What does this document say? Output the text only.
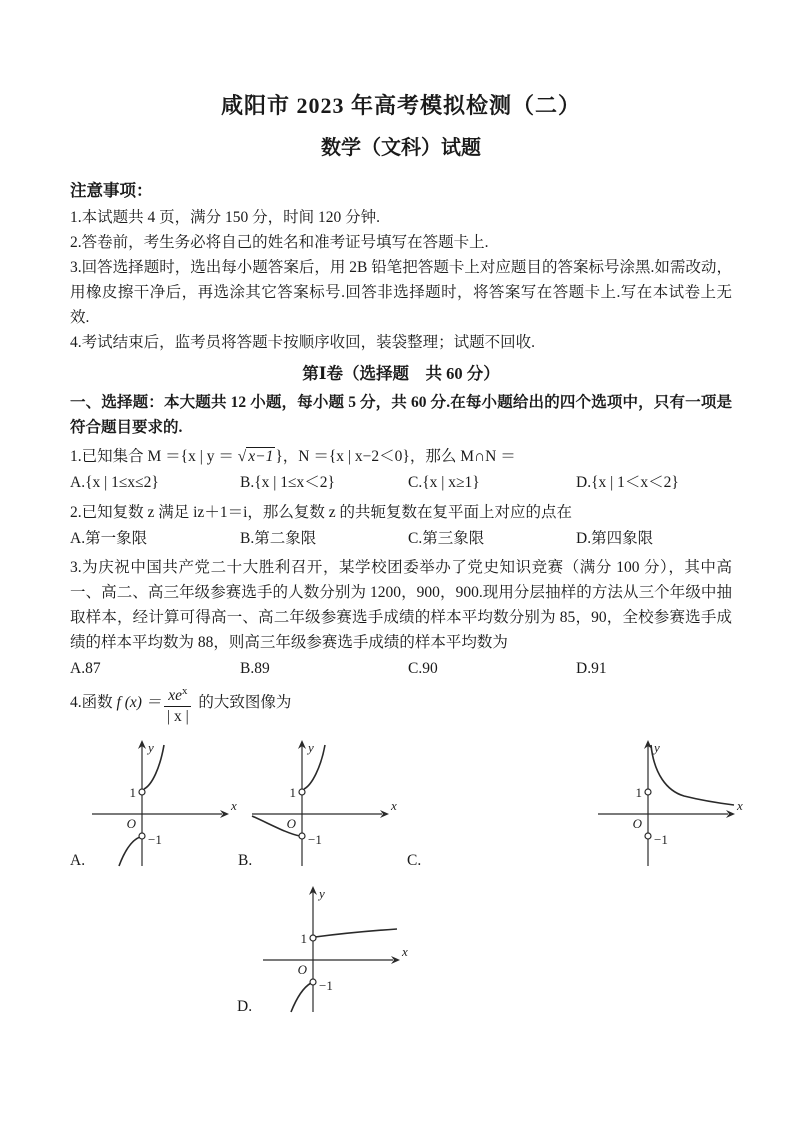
咸阳市 2023 年高考模拟检测（二）
数学（文科）试题

注意事项：

1.本试题共 4 页，满分 150 分，时间 120 分钟.

2.答卷前，考生务必将自己的姓名和准考证号填写在答题卡上.

3.回答选择题时，选出每小题答案后，用 2B 铅笔把答题卡上对应题目的答案标号涂黑.如需改动，用橡皮擦干净后，再选涂其它答案标号.回答非选择题时，将答案写在答题卡上.写在本试卷上无效.

4.考试结束后，监考员将答题卡按顺序收回，装袋整理；试题不回收.

第Ⅰ卷（选择题　共 60 分）

一、选择题：本大题共 12 小题，每小题 5 分，共 60 分.在每小题给出的四个选项中，只有一项是符合题目要求的.

1.已知集合 M ＝{x | y ＝ √ x−1 }，N ＝{x | x−2＜0}，那么 M∩N ＝

A.{x | 1≤x≤2}	B.{x | 1≤x＜2}	C.{x | x≥1}	D.{x | 1＜x＜2}

2.已知复数 z 满足 iz＋1＝i，那么复数 z 的共轭复数在复平面上对应的点在

A.第一象限	B.第二象限	C.第三象限	D.第四象限

3.为庆祝中国共产党二十大胜利召开，某学校团委举办了党史知识竞赛（满分 100 分），其中高一、高二、高三年级参赛选手的人数分别为 1200，900，900.现用分层抽样的方法从三个年级中抽取样本，经计算可得高一、高二年级参赛选手成绩的样本平均数分别为 85，90，全校参赛选手成绩的样本平均数为 88，则高三年级参赛选手成绩的样本平均数为

A.87	B.89	C.90	D.91

4.函数 f $(x) = \frac{xe^x}{| x |}$ 的大致图像为

y
x
O
1
−1
y
x
O
1
−1
y
x
O
1
−1
A.	B.	C.
y
x
O
1
−1
D.
